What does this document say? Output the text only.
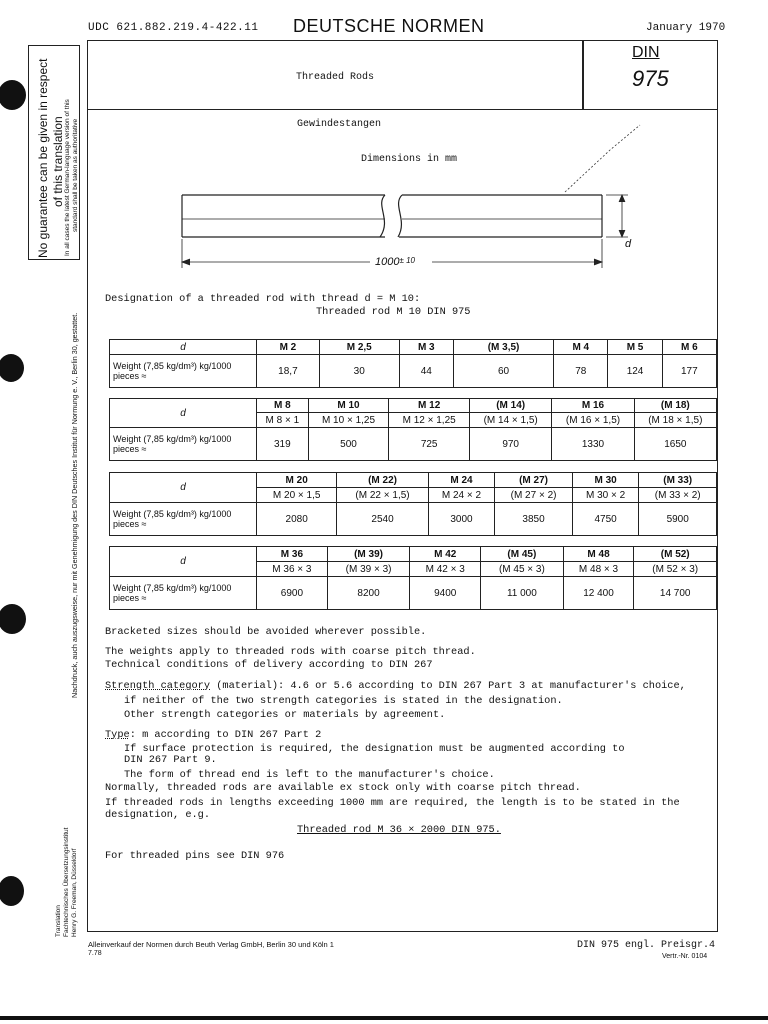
UDC 621.882.219.4-422.11 DEUTSCHE NORMEN	January 1970
Threaded Rods
DIN
975
Gewindestangen
Dimensions in mm
d
$1000^{\pm 10}$
Designation of a threaded rod with thread d = M 10:
Threaded rod M 10 DIN 975
d	M 2	M 2,5	M 3	(M 3,5)	M 4	M 5	M 6
Weight (7,85 kg/dm³) kg/1000 pieces ≈	18,7	30	44	60	78	124	177
d	M 8	M 10	M 12	(M 14)	M 16	(M 18)
	M 8 × 1	M 10 × 1,25	M 12 × 1,25	(M 14 × 1,5)	(M 16 × 1,5)	(M 18 × 1,5)
Weight (7,85 kg/dm³) kg/1000 pieces ≈	319	500	725	970	1330	1650
d	M 20	(M 22)	M 24	(M 27)	M 30	(M 33)
	M 20 × 1,5	(M 22 × 1,5)	M 24 × 2	(M 27 × 2)	M 30 × 2	(M 33 × 2)
Weight (7,85 kg/dm³) kg/1000 pieces ≈	2080	2540	3000	3850	4750	5900
d	M 36	(M 39)	M 42	(M 45)	M 48	(M 52)
	M 36 × 3	(M 39 × 3)	M 42 × 3	(M 45 × 3)	M 48 × 3	(M 52 × 3)
Weight (7,85 kg/dm³) kg/1000 pieces ≈	6900	8200	9400	11 000	12 400	14 700
Bracketed sizes should be avoided wherever possible.
The weights apply to threaded rods with coarse pitch thread.
Technical conditions of delivery according to DIN 267
Strength category (material): 4.6 or 5.6 according to DIN 267 Part 3 at manufacturer's choice,
if neither of the two strength categories is stated in the designation.
Other strength categories or materials by agreement.
Type: m according to DIN 267 Part 2
If surface protection is required, the designation must be augmented according to
DIN 267 Part 9.
The form of thread end is left to the manufacturer's choice.
Normally, threaded rods are available ex stock only with coarse pitch thread.
If threaded rods in lengths exceeding 1000 mm are required, the length is to be stated in the
designation, e.g.
Threaded rod M 36 × 2000 DIN 975.
For threaded pins see DIN 976
No guarantee can be given in respect of this translation In all cases the latest German-language version of this standard shall be taken as authoritative
Nachdruck, auch auszugsweise, nur mit Genehmigung des DIN Deutsches Institut für Normung e. V., Berlin 30, gestattet.
Translation Fachtechnisches Übersetzungsinstitut Henry G. Freeman, Düsseldorf
Alleinverkauf der Normen durch Beuth Verlag GmbH, Berlin 30 und Köln 1
7.78
DIN 975 engl. Preisgr.4
Vertr.-Nr. 0104
